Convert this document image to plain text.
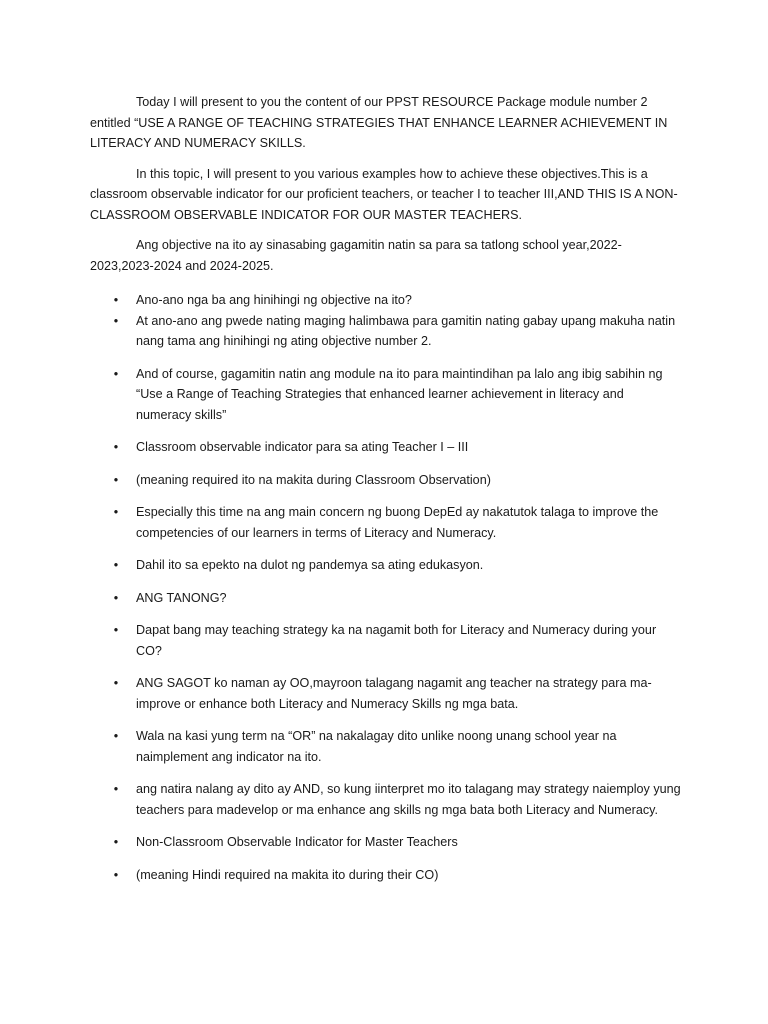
Today I will present to you the content of our PPST RESOURCE Package module number 2 entitled “USE A RANGE OF TEACHING STRATEGIES THAT ENHANCE LEARNER ACHIEVEMENT IN LITERACY AND NUMERACY SKILLS.

In this topic, I will present to you various examples how to achieve these objectives.This is a classroom observable indicator for our proficient teachers, or teacher I to teacher III,AND THIS IS A NON-CLASSROOM OBSERVABLE INDICATOR FOR OUR MASTER TEACHERS.

Ang objective na ito ay sinasabing gagamitin natin sa para sa tatlong school year,2022-2023,2023-2024 and 2024-2025.

• Ano-ano nga ba ang hinihingi ng objective na ito?
• At ano-ano ang pwede nating maging halimbawa para gamitin nating gabay upang makuha natin nang tama ang hinihingi ng ating objective number 2.
• And of course, gagamitin natin ang module na ito para maintindihan pa lalo ang ibig sabihin ng “Use a Range of Teaching Strategies that enhanced learner achievement in literacy and numeracy skills”
• Classroom observable indicator para sa ating Teacher I – III
• (meaning required ito na makita during Classroom Observation)
• Especially this time na ang main concern ng buong DepEd ay nakatutok talaga to improve the competencies of our learners in terms of Literacy and Numeracy.
• Dahil ito sa epekto na dulot ng pandemya sa ating edukasyon.
• ANG TANONG?
• Dapat bang may teaching strategy ka na nagamit both for Literacy and Numeracy during your CO?
• ANG SAGOT ko naman ay OO,mayroon talagang nagamit ang teacher na strategy para ma-improve or enhance both Literacy and Numeracy Skills ng mga bata.
• Wala na kasi yung term na “OR” na nakalagay dito unlike noong unang school year na naimplement ang indicator na ito.
• ang natira nalang ay dito ay AND, so kung iinterpret mo ito talagang may strategy naiemploy yung teachers para madevelop or ma enhance ang skills ng mga bata both Literacy and Numeracy.
• Non-Classroom Observable Indicator for Master Teachers
• (meaning Hindi required na makita ito during their CO)
